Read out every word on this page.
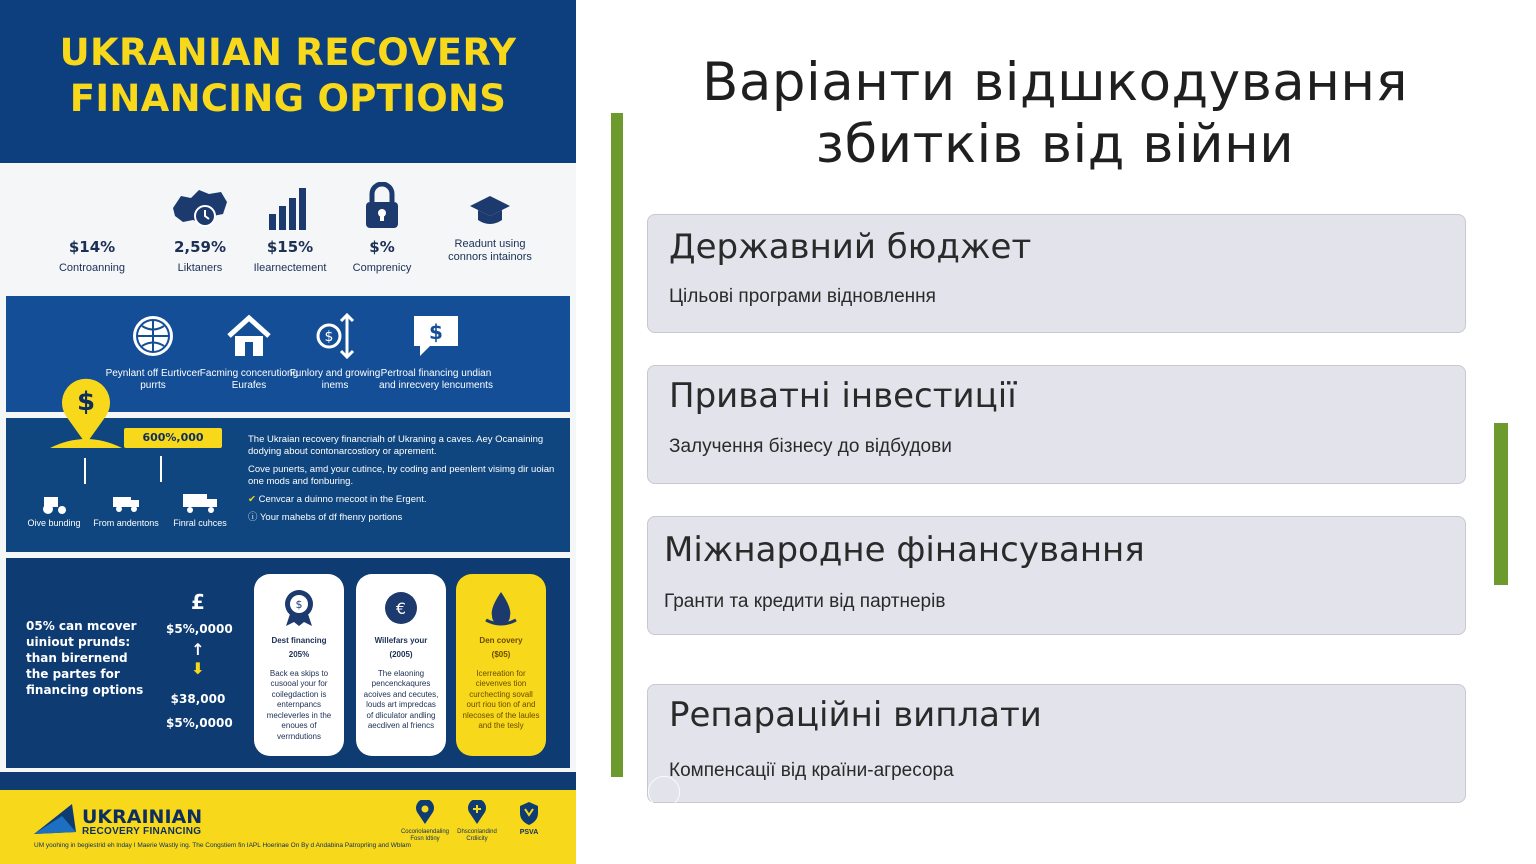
UKRANIAN RECOVERY
FINANCING OPTIONS
$14%
Controanning
2,59%
Liktaners
$15%
Ilearnectement
$%
Comprenicy
Readunt using connors intainors
Peynlant off Eurtivcer purrts
Facming concerutiong Eurafes
$
Funlory and growing inems
$
Pertroal financing undian and inrecvery lencuments
$
600%,000	The Ukraian recovery financrialh of Ukraning a caves. Aey Ocanaining dodying about contonarcostiory or aprement.

Cove punerts, amd your cutince, by coding and peenlent visimg dir uoian one mods and fonburing.

✔ Cenvcar a duinno rnecoot in the Ergent.

ⓘ Your mahebs of df fhenry portions

Oive bunding	From andentons	Finral cuhces
05% can mcover uiniout prunds: than birernend the partes for financing options
£
$5%,0000
↑
⬇
$38,000
$5%,0000
$
Dest financing
205%
Back ea skips to cusooal your for coilegdaction is enternpancs mecleverles in the enoues of verrndutions
€
Willefars your
(2005)
The elaoning pencenckaqures acoives and cecutes, louds art impredcas of dliculator andling aecdiven al friencs
Den covery
($05)
Icerreation for cievenves tion curchecting sovall ourt riou tion of and nlecoses of the laules and the tesly
UKRAINIAN
RECOVERY FINANCING
UM yoohing in begiestrid eh lnday I Maerie Wastly ing. The Congstiem fin IAPL Hoerinae On By d Andabina Patroprling and Wblam
Cocoriolaendaling Fosn Idtiny
Dhsconlandind Crdiicity
PSVA
Варіанти відшкодування
збитків від війни
Державний бюджет
Цільові програми відновлення
Приватні інвестиції
Залучення бізнесу до відбудови
Міжнародне фінансування
Гранти та кредити від партнерів
Репараційні виплати
Компенсації від країни-агресора
